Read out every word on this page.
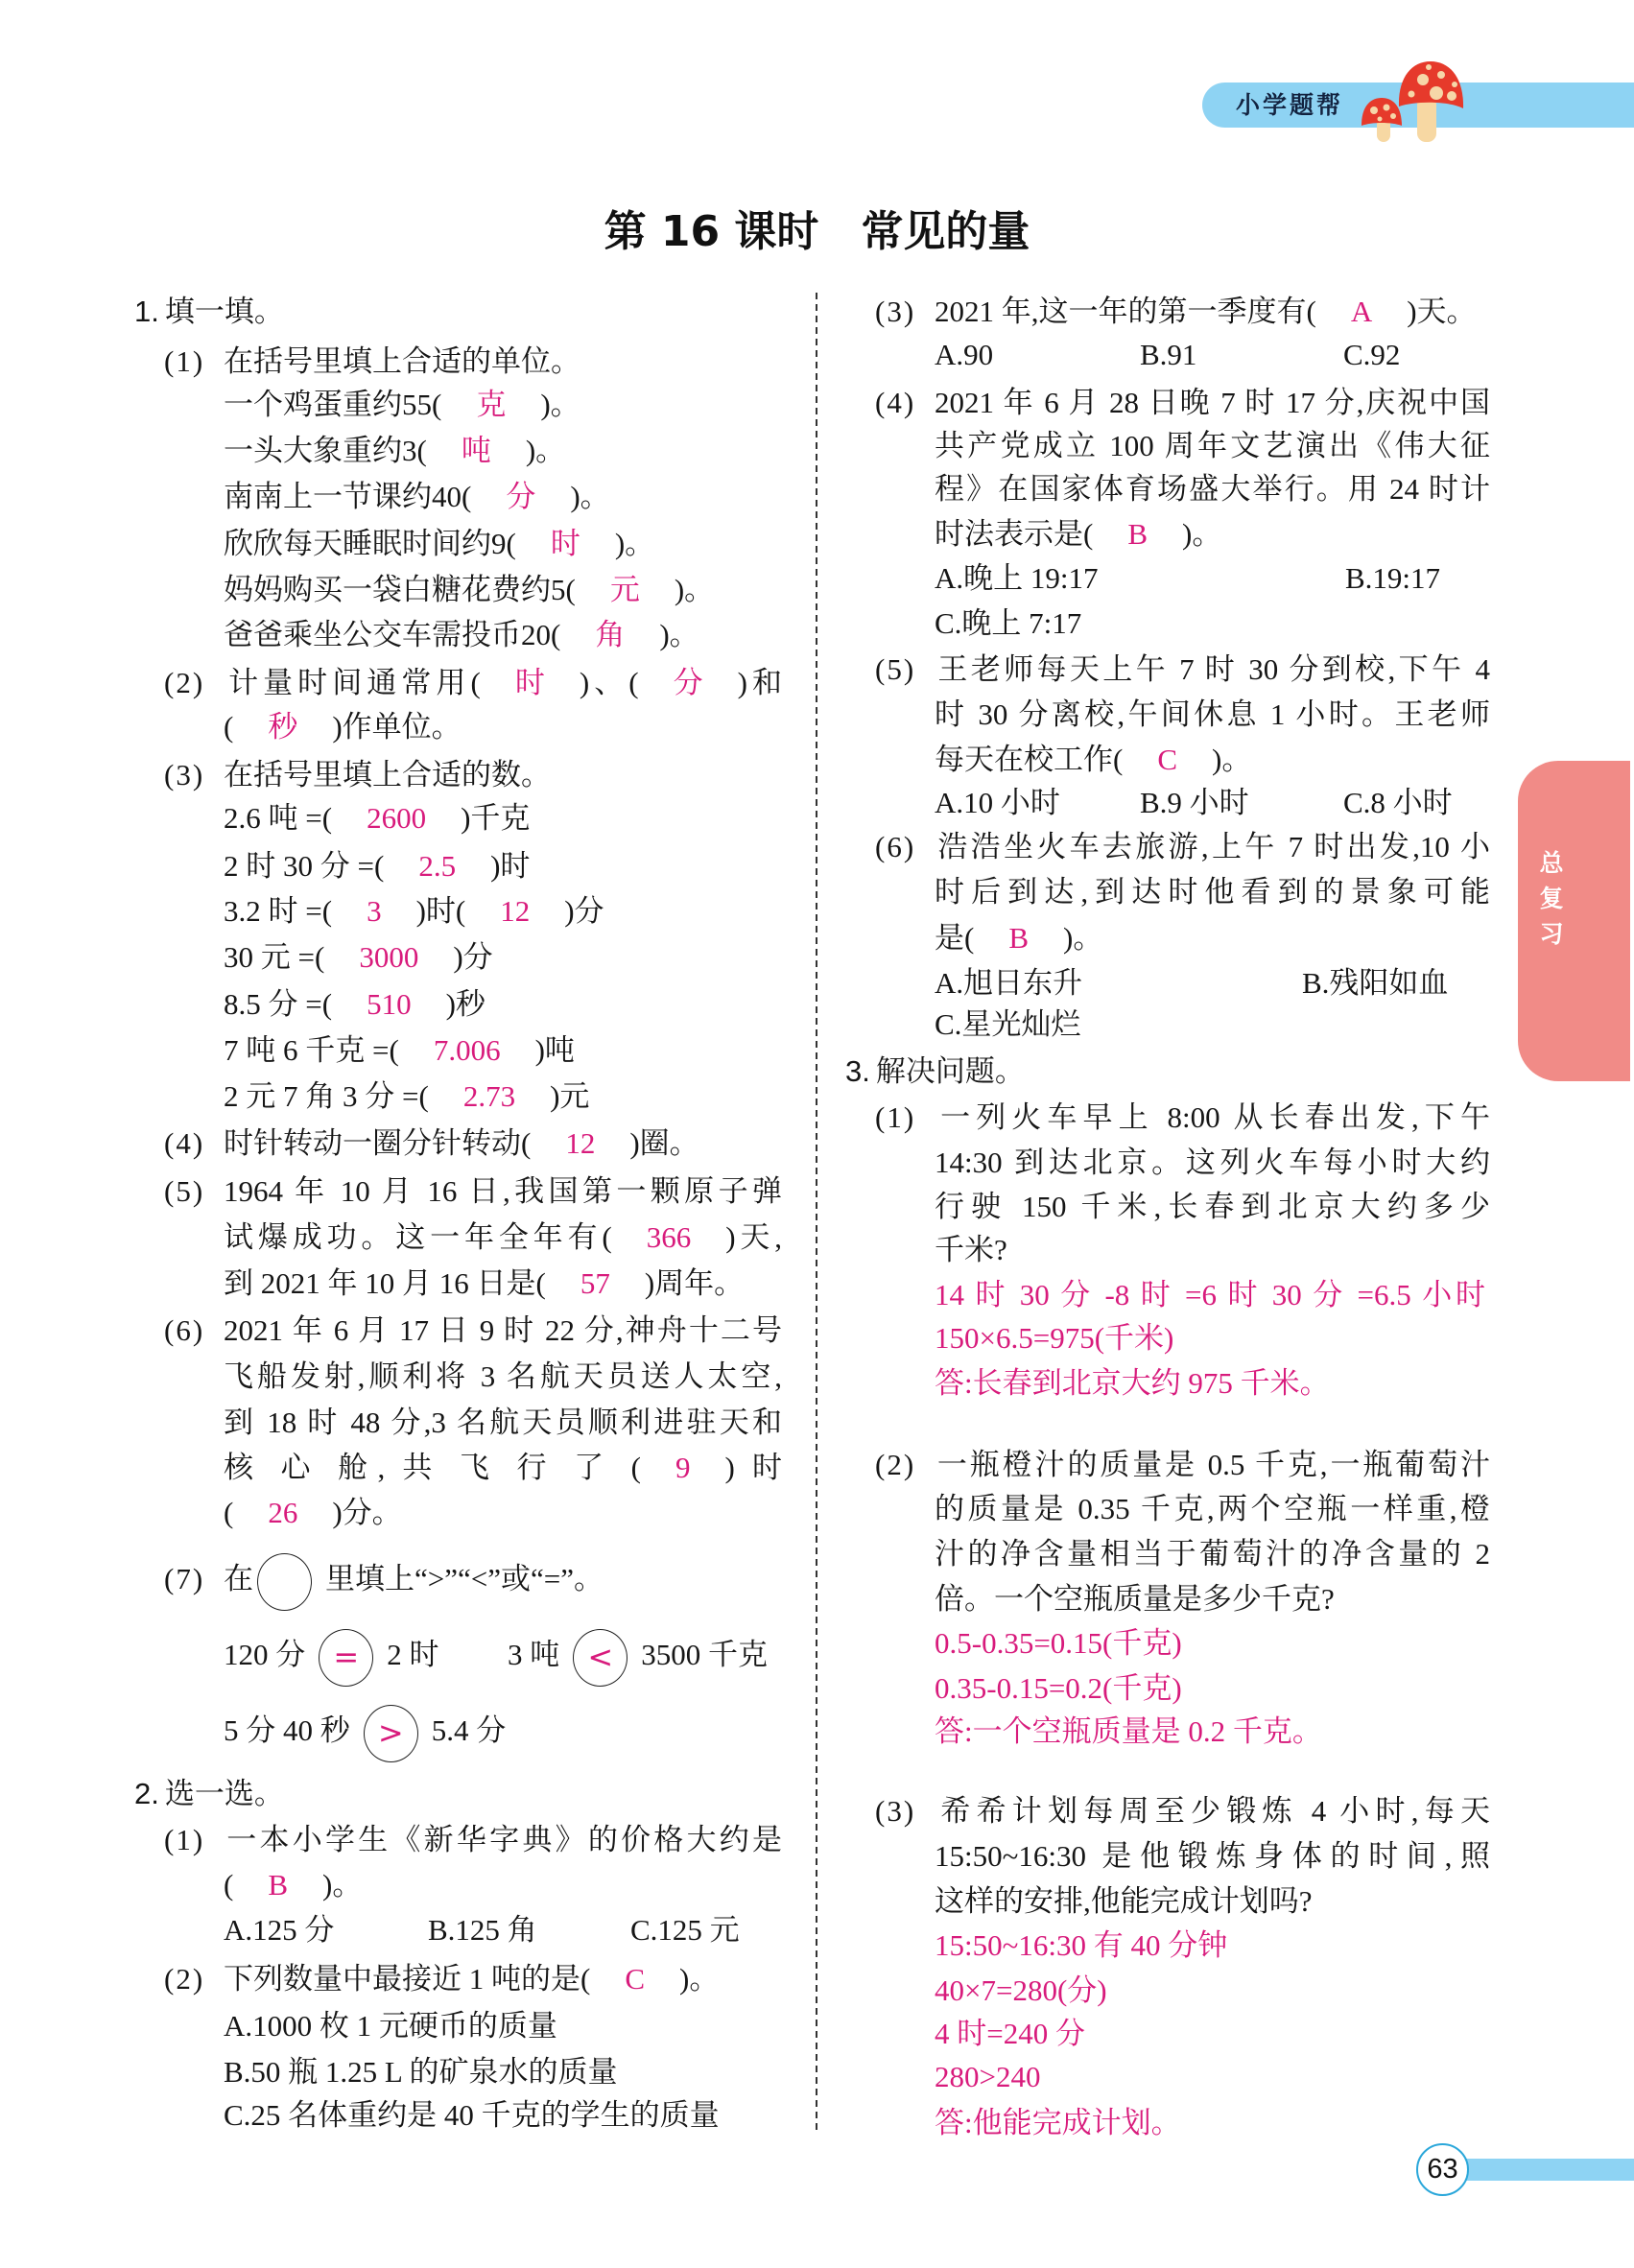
小学题帮
第 16 课时 常见的量
总复习
1. 填一填。
(1) 在括号里填上合适的单位。
一个鸡蛋重约55( 克 )。
一头大象重约3( 吨 )。
南南上一节课约40( 分 )。
欣欣每天睡眠时间约9( 时 )。
妈妈购买一袋白糖花费约5( 元 )。
爸爸乘坐公交车需投币20( 角 )。
(2) 计量时间通常用( 时 )、( 分 )和
( 秒 )作单位。
(3) 在括号里填上合适的数。
2.6 吨 =( 2600 )千克
2 时 30 分 =( 2.5 )时
3.2 时 =( 3 )时( 12 )分
30 元 =( 3000 )分
8.5 分 =( 510 )秒
7 吨 6 千克 =( 7.006 )吨
2 元 7 角 3 分 =( 2.73 )元
(4) 时针转动一圈分针转动( 12 )圈。
(5) 1964 年 10 月 16 日,我国第一颗原子弹
试爆成功。这一年全年有( 366 )天,
到 2021 年 10 月 16 日是( 57 )周年。
(6) 2021 年 6 月 17 日 9 时 22 分,神舟十二号
飞船发射,顺利将 3 名航天员送人太空,
到 18 时 48 分,3 名航天员顺利进驻天和
核 心 舱, 共 飞 行 了 ( 9 ) 时
( 26 )分。
(7) 在 里填上“>”“<”或“=”。
120 分 = 2 时 3 吨 < 3500 千克
5 分 40 秒 > 5.4 分
2. 选一选。
(1) 一本小学生《新华字典》的价格大约是
( B )。
A.125 分	B.125 角	C.125 元
(2) 下列数量中最接近 1 吨的是( C )。
A.1000 枚 1 元硬币的质量
B.50 瓶 1.25 L 的矿泉水的质量
C.25 名体重约是 40 千克的学生的质量
(3) 2021 年,这一年的第一季度有( A )天。
A.90	B.91	C.92
(4) 2021 年 6 月 28 日晚 7 时 17 分,庆祝中国
共产党成立 100 周年文艺演出《伟大征
程》在国家体育场盛大举行。用 24 时计
时法表示是( B )。
A.晚上 19:17	B.19:17
C.晚上 7:17
(5) 王老师每天上午 7 时 30 分到校,下午 4
时 30 分离校,午间休息 1 小时。王老师
每天在校工作( C )。
A.10 小时	B.9 小时	C.8 小时
(6) 浩浩坐火车去旅游,上午 7 时出发,10 小
时后到达,到达时他看到的景象可能
是( B )。
A.旭日东升	B.残阳如血
C.星光灿烂
3. 解决问题。
(1) 一列火车早上 8:00 从长春出发,下午
14:30 到达北京。这列火车每小时大约
行驶 150 千米,长春到北京大约多少
千米?
14 时 30 分 -8 时 =6 时 30 分 =6.5 小时
150×6.5=975(千米)
答:长春到北京大约 975 千米。
(2) 一瓶橙汁的质量是 0.5 千克,一瓶葡萄汁
的质量是 0.35 千克,两个空瓶一样重,橙
汁的净含量相当于葡萄汁的净含量的 2
倍。一个空瓶质量是多少千克?
0.5-0.35=0.15(千克)
0.35-0.15=0.2(千克)
答:一个空瓶质量是 0.2 千克。
(3) 希希计划每周至少锻炼 4 小时,每天
15:50~16:30 是他锻炼身体的时间,照
这样的安排,他能完成计划吗?
15:50~16:30 有 40 分钟
40×7=280(分)
4 时=240 分
280>240
答:他能完成计划。
63
